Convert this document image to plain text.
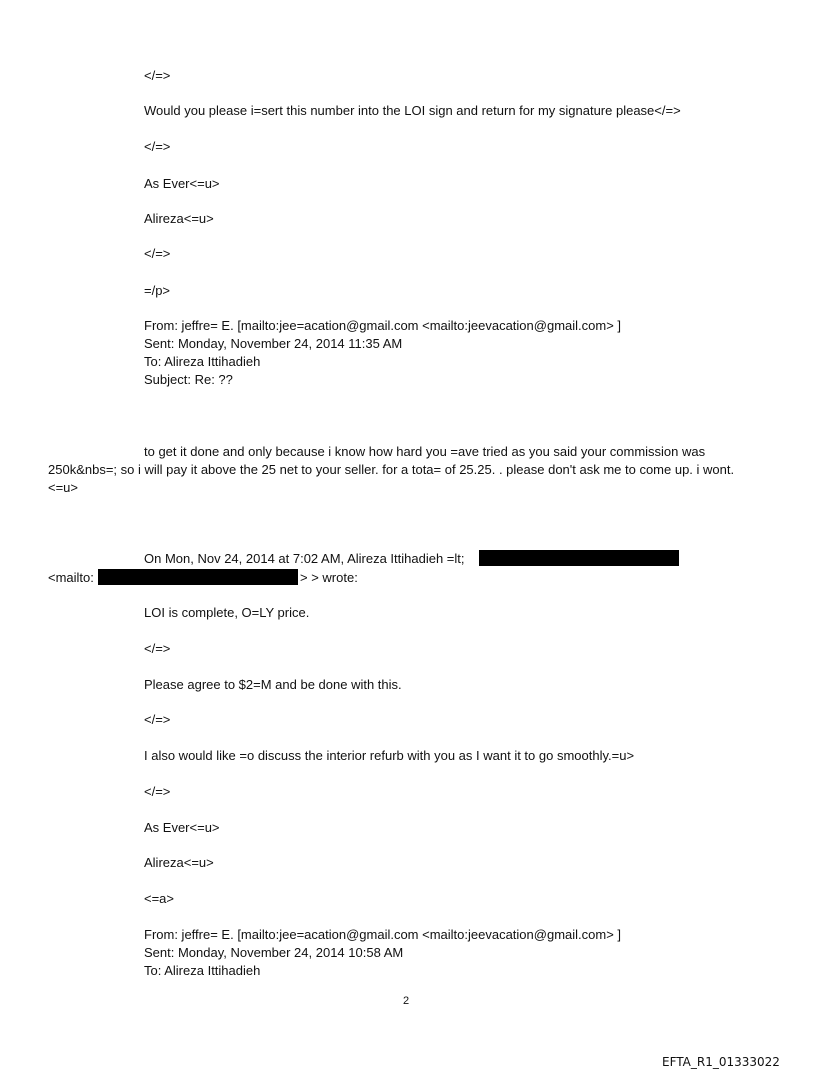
</=>
Would you please i=sert this number into the LOI sign and return for my signature please</=>
</=>
As Ever<=u>
Alireza<=u>
</=>
=/p>
From: jeffre= E. [mailto:jee=acation@gmail.com <mailto:jeevacation@gmail.com> ]
Sent: Monday, November 24, 2014 11:35 AM
To: Alireza Ittihadieh
Subject: Re: ??
to get it done and only because i know how hard you =ave tried as you said your commission was 250k&nbs=; so i will pay it above the 25 net to your seller. for a tota= of 25.25. . please don't ask me to come up. i wont.<=u>
On Mon, Nov 24, 2014 at 7:02 AM, Alireza Ittihadieh =lt;
<mailto:	> > wrote:
LOI is complete, O=LY price.
</=>
Please agree to $2=M and be done with this.
</=>
I also would like =o discuss the interior refurb with you as I want it to go smoothly.=u>
</=>
As Ever<=u>
Alireza<=u>
<=a>
From: jeffre= E. [mailto:jee=acation@gmail.com <mailto:jeevacation@gmail.com> ]
Sent: Monday, November 24, 2014 10:58 AM
To: Alireza Ittihadieh
2
EFTA_R1_01333022
